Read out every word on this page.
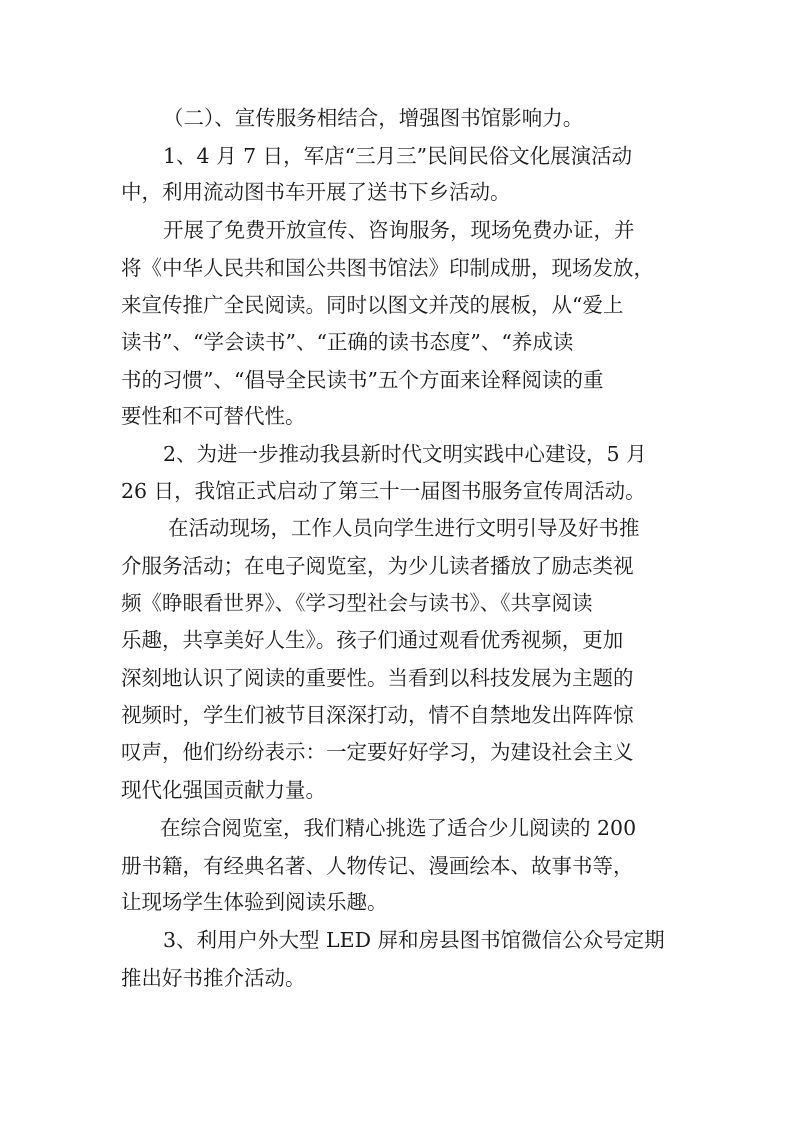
（二）、宣传服务相结合，增强图书馆影响力。
1、4 月 7 日，军店“三月三”民间民俗文化展演活动
中，利用流动图书车开展了送书下乡活动。
开展了免费开放宣传、咨询服务，现场免费办证，并
将《中华人民共和国公共图书馆法》印制成册，现场发放，
来宣传推广全民阅读。同时以图文并茂的展板，从“爱上
读书”、“学会读书”、“正确的读书态度”、“养成读
书的习惯”、“倡导全民读书”五个方面来诠释阅读的重
要性和不可替代性。
2、为进一步推动我县新时代文明实践中心建设，5 月
26 日，我馆正式启动了第三十一届图书服务宣传周活动。
在活动现场，工作人员向学生进行文明引导及好书推
介服务活动；在电子阅览室，为少儿读者播放了励志类视
频《睁眼看世界》、《学习型社会与读书》、《共享阅读
乐趣，共享美好人生》。孩子们通过观看优秀视频，更加
深刻地认识了阅读的重要性。当看到以科技发展为主题的
视频时，学生们被节目深深打动，情不自禁地发出阵阵惊
叹声，他们纷纷表示：一定要好好学习，为建设社会主义
现代化强国贡献力量。
在综合阅览室，我们精心挑选了适合少儿阅读的 200
册书籍，有经典名著、人物传记、漫画绘本、故事书等，
让现场学生体验到阅读乐趣。
3、利用户外大型 LED 屏和房县图书馆微信公众号定期
推出好书推介活动。
